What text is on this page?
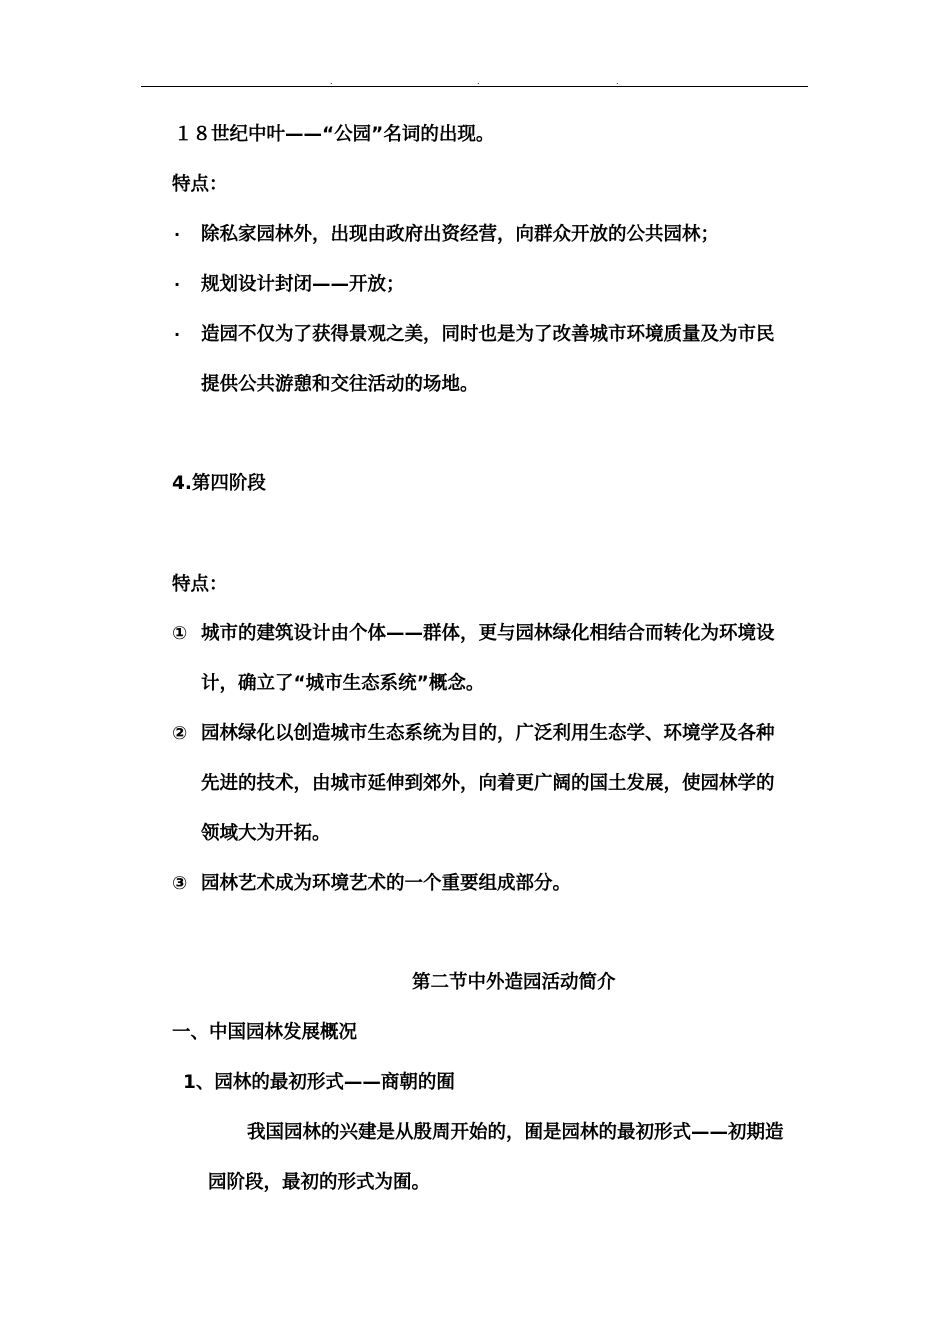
.	.	.
１８世纪中叶——“公园”名词的出现。
特点：
· 除私家园林外，出现由政府出资经营，向群众开放的公共园林；
· 规划设计封闭——开放；
· 造园不仅为了获得景观之美，同时也是为了改善城市环境质量及为市民
提供公共游憩和交往活动的场地。
4.第四阶段
特点：
① 城市的建筑设计由个体——群体，更与园林绿化相结合而转化为环境设
计，确立了“城市生态系统”概念。
② 园林绿化以创造城市生态系统为目的，广泛利用生态学、环境学及各种
先进的技术，由城市延伸到郊外，向着更广阔的国土发展，使园林学的
领域大为开拓。
③ 园林艺术成为环境艺术的一个重要组成部分。
第二节中外造园活动简介
一、中国园林发展概况
1、园林的最初形式——商朝的囿
我国园林的兴建是从殷周开始的，囿是园林的最初形式——初期造
园阶段，最初的形式为囿。
